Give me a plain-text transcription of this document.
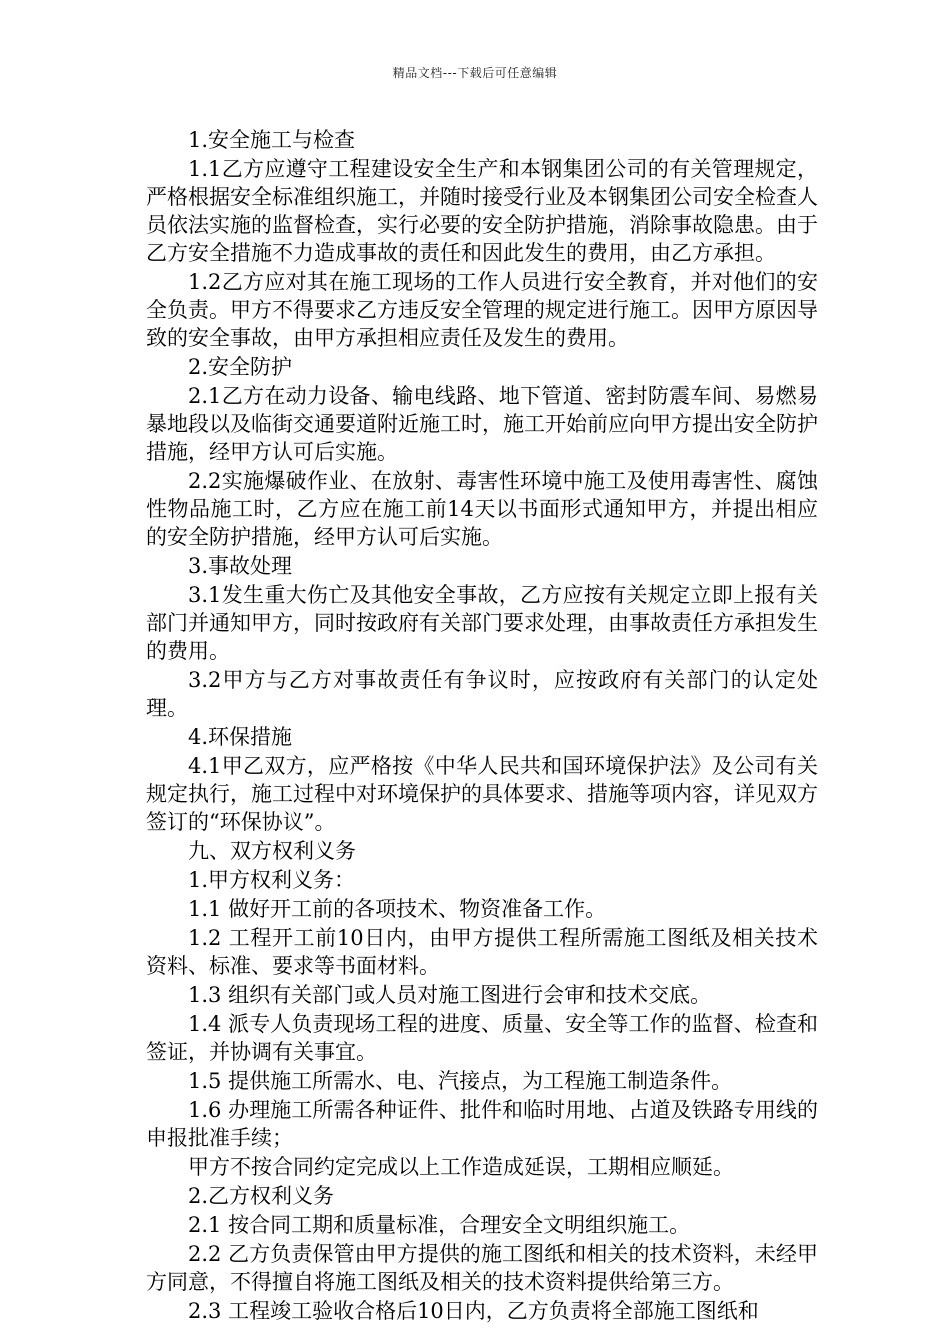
精品文档---下载后可任意编辑

1.安全施工与检查

1.1乙方应遵守工程建设安全生产和本钢集团公司的有关管理规定，严格根据安全标准组织施工，并随时接受行业及本钢集团公司安全检查人员依法实施的监督检查，实行必要的安全防护措施，消除事故隐患。由于乙方安全措施不力造成事故的责任和因此发生的费用，由乙方承担。

1.2乙方应对其在施工现场的工作人员进行安全教育，并对他们的安全负责。甲方不得要求乙方违反安全管理的规定进行施工。因甲方原因导致的安全事故，由甲方承担相应责任及发生的费用。

2.安全防护

2.1乙方在动力设备、输电线路、地下管道、密封防震车间、易燃易暴地段以及临街交通要道附近施工时，施工开始前应向甲方提出安全防护措施，经甲方认可后实施。

2.2实施爆破作业、在放射、毒害性环境中施工及使用毒害性、腐蚀性物品施工时，乙方应在施工前14天以书面形式通知甲方，并提出相应的安全防护措施，经甲方认可后实施。

3.事故处理

3.1发生重大伤亡及其他安全事故，乙方应按有关规定立即上报有关部门并通知甲方，同时按政府有关部门要求处理，由事故责任方承担发生的费用。

3.2甲方与乙方对事故责任有争议时，应按政府有关部门的认定处理。

4.环保措施

4.1甲乙双方，应严格按《中华人民共和国环境保护法》及公司有关规定执行，施工过程中对环境保护的具体要求、措施等项内容，详见双方签订的“环保协议”。

九、双方权利义务

1.甲方权利义务：

1.1 做好开工前的各项技术、物资准备工作。

1.2 工程开工前10日内，由甲方提供工程所需施工图纸及相关技术资料、标准、要求等书面材料。

1.3 组织有关部门或人员对施工图进行会审和技术交底。

1.4 派专人负责现场工程的进度、质量、安全等工作的监督、检查和签证，并协调有关事宜。

1.5 提供施工所需水、电、汽接点，为工程施工制造条件。

1.6 办理施工所需各种证件、批件和临时用地、占道及铁路专用线的申报批准手续；

甲方不按合同约定完成以上工作造成延误，工期相应顺延。

2.乙方权利义务

2.1 按合同工期和质量标准，合理安全文明组织施工。

2.2 乙方负责保管由甲方提供的施工图纸和相关的技术资料，未经甲方同意，不得擅自将施工图纸及相关的技术资料提供给第三方。

2.3 工程竣工验收合格后10日内，乙方负责将全部施工图纸和
